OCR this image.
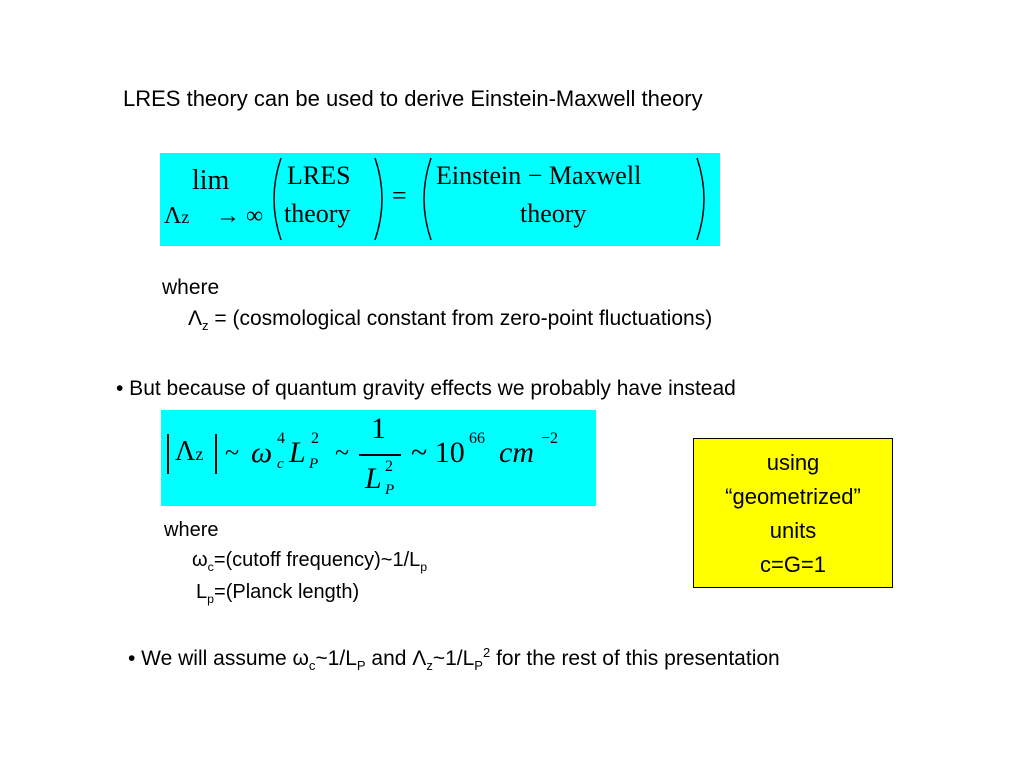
LRES theory can be used to derive Einstein-Maxwell theory
lim
Λz → ∞
LRES
theory
=
Einstein − Maxwell
theory
where
$\Lambda_z$ = (cosmological constant from zero-point fluctuations)
• But because of quantum gravity effects we probably have instead
Λz ~ ω 4
c L 2
P ~
1
L 2
P
~ 10 66 cm −2
where
$\omega_c=(cutoff$ $frequency)\sim 1/L_p$
$L_p=(Planck$ length)
using
“geometrized”
units
c=G=1
• We will assume $\omega_c\sim 1/L_P$ and $\Lambda_z\sim 1/L_P^2$ for the rest of this presentation
